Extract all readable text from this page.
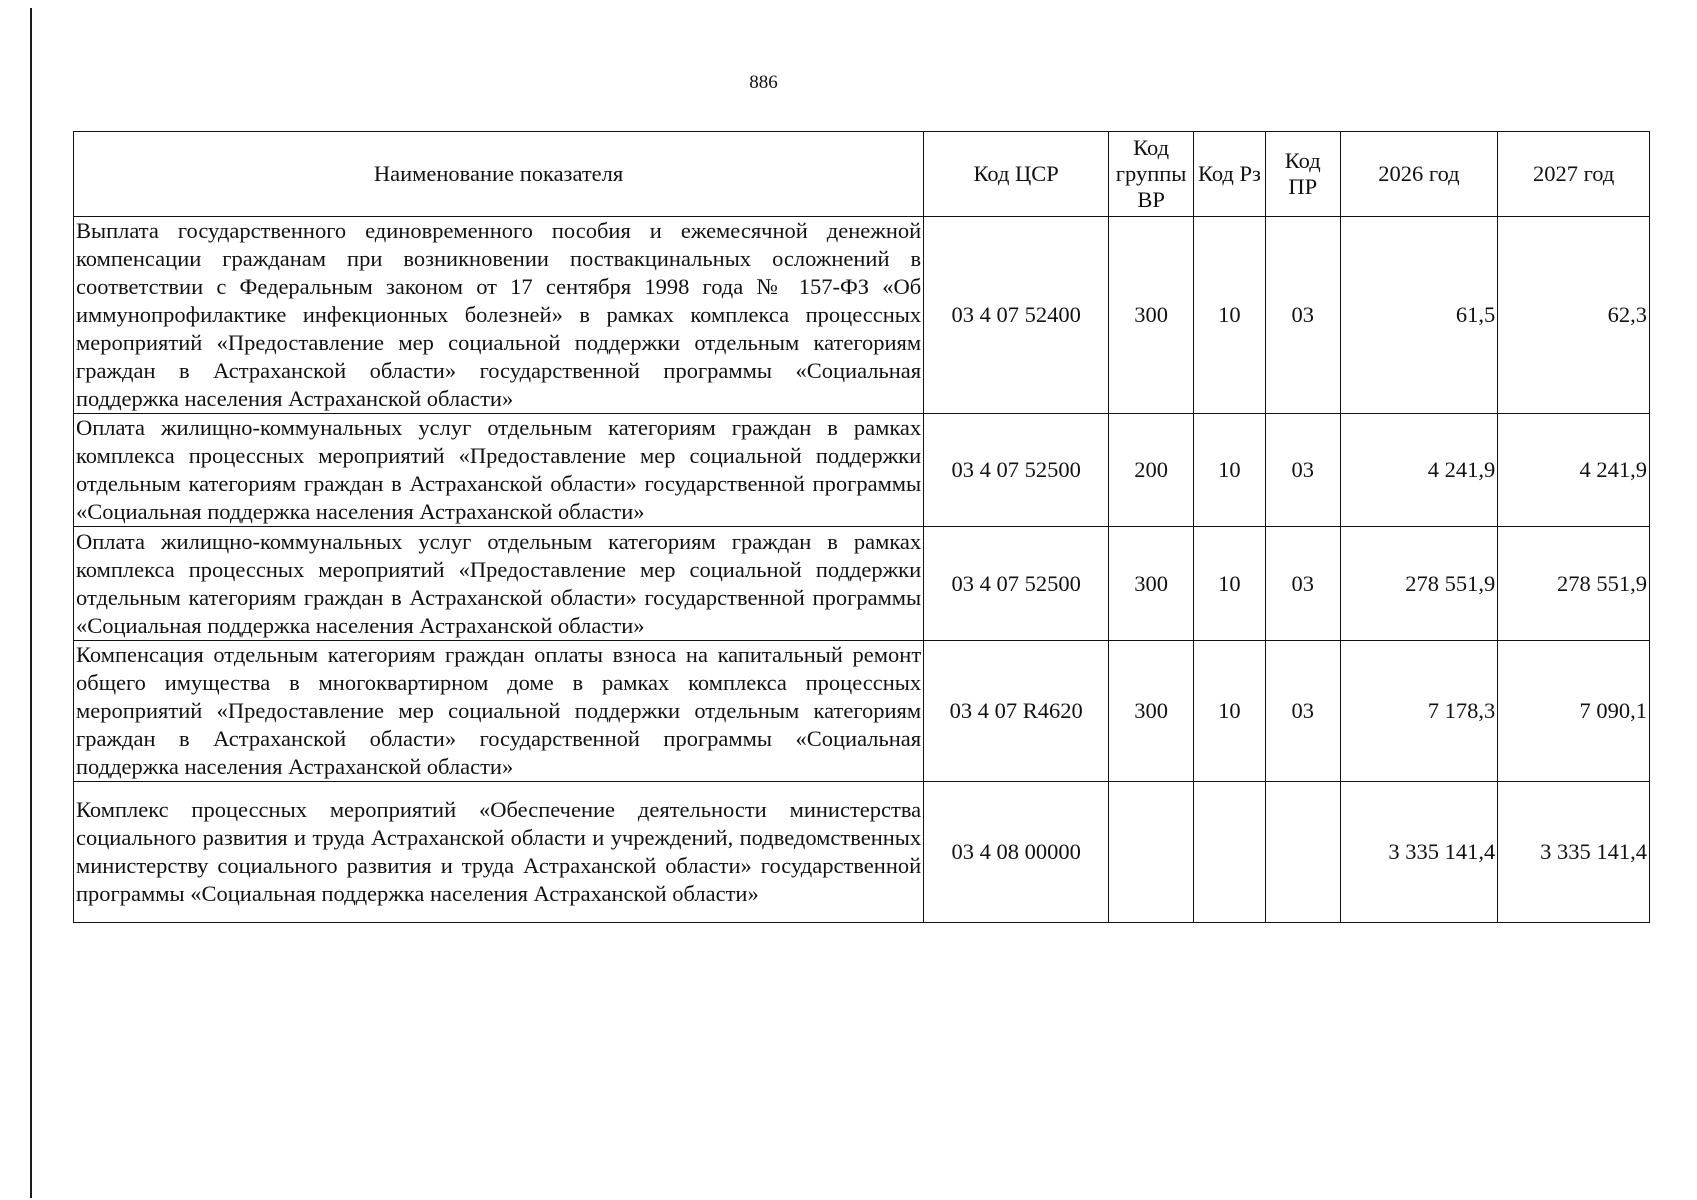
886
Наименование показателя	Код ЦСР	Код группы ВР	Код Рз	Код ПР	2026 год	2027 год
Выплата государственного единовременного пособия и ежемесячной денежной компенсации гражданам при возникновении поствакцинальных осложнений в соответствии с Федеральным законом от 17 сентября 1998 года № 157-ФЗ «Об иммунопрофилактике инфекционных болезней» в рамках комплекса процессных мероприятий «Предоставление мер социальной поддержки отдельным категориям граждан в Астраханской области» государственной программы «Социальная поддержка населения Астраханской области»	03 4 07 52400	300	10	03	61,5	62,3
Оплата жилищно-коммунальных услуг отдельным категориям граждан в рамках комплекса процессных мероприятий «Предоставление мер социальной поддержки отдельным категориям граждан в Астраханской области» государственной программы «Социальная поддержка населения Астраханской области»	03 4 07 52500	200	10	03	4 241,9	4 241,9
Оплата жилищно-коммунальных услуг отдельным категориям граждан в рамках комплекса процессных мероприятий «Предоставление мер социальной поддержки отдельным категориям граждан в Астраханской области» государственной программы «Социальная поддержка населения Астраханской области»	03 4 07 52500	300	10	03	278 551,9	278 551,9
Компенсация отдельным категориям граждан оплаты взноса на капитальный ремонт общего имущества в многоквартирном доме в рамках комплекса процессных мероприятий «Предоставление мер социальной поддержки отдельным категориям граждан в Астраханской области» государственной программы «Социальная поддержка населения Астраханской области»	03 4 07 R4620	300	10	03	7 178,3	7 090,1
Комплекс процессных мероприятий «Обеспечение деятельности министерства социального развития и труда Астраханской области и учреждений, подведомственных министерству социального развития и труда Астраханской области» государственной программы «Социальная поддержка населения Астраханской области»	03 4 08 00000				3 335 141,4	3 335 141,4
